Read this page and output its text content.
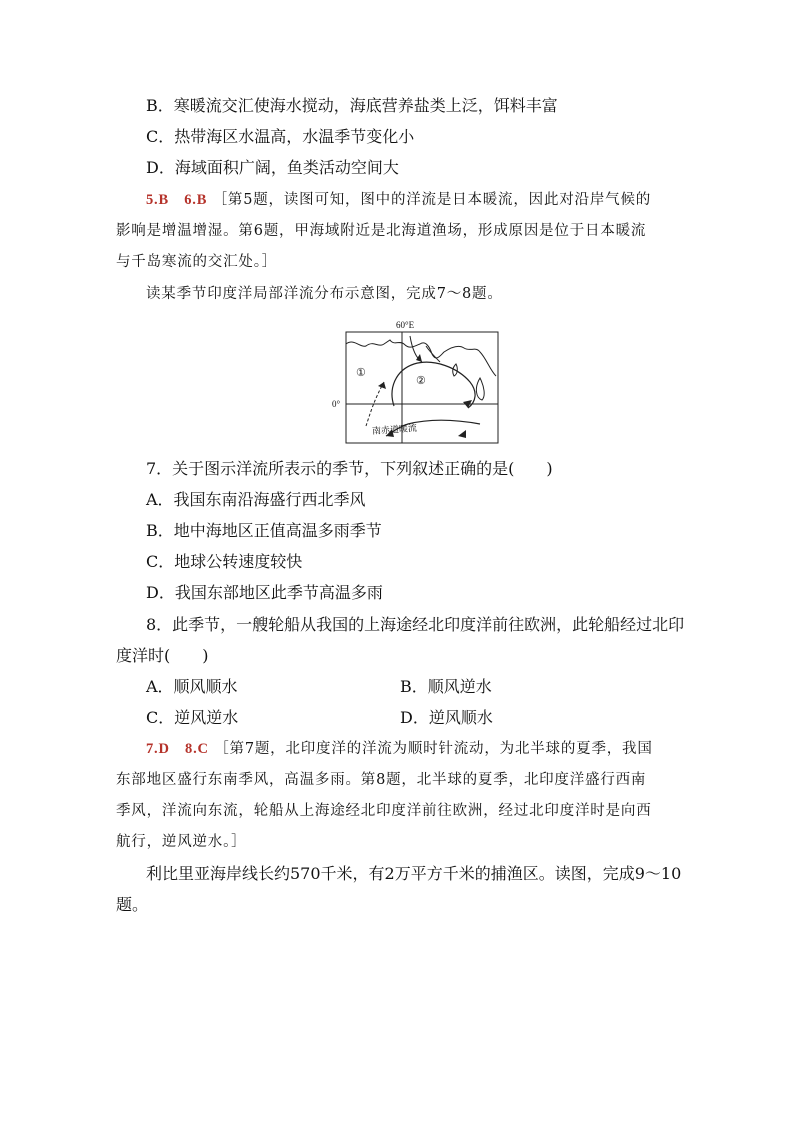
B．寒暖流交汇使海水搅动，海底营养盐类上泛，饵料丰富
C．热带海区水温高，水温季节变化小
D．海域面积广阔，鱼类活动空间大
5.B　6.B ［第5题，读图可知，图中的洋流是日本暖流，因此对沿岸气候的
影响是增温增湿。第6题，甲海域附近是北海道渔场，形成原因是位于日本暖流
与千岛寒流的交汇处。］
读某季节印度洋局部洋流分布示意图，完成7～8题。
60°E
0°
①
②
南赤道暖流
7．关于图示洋流所表示的季节，下列叙述正确的是(　　)
A．我国东南沿海盛行西北季风
B．地中海地区正值高温多雨季节
C．地球公转速度较快
D．我国东部地区此季节高温多雨
8．此季节，一艘轮船从我国的上海途经北印度洋前往欧洲，此轮船经过北印
度洋时(　　)
A．顺风顺水	B．顺风逆水
C．逆风逆水	D．逆风顺水
7.D　8.C ［第7题，北印度洋的洋流为顺时针流动，为北半球的夏季，我国
东部地区盛行东南季风，高温多雨。第8题，北半球的夏季，北印度洋盛行西南
季风，洋流向东流，轮船从上海途经北印度洋前往欧洲，经过北印度洋时是向西
航行，逆风逆水。］
利比里亚海岸线长约570千米，有2万平方千米的捕渔区。读图，完成9～10
题。
